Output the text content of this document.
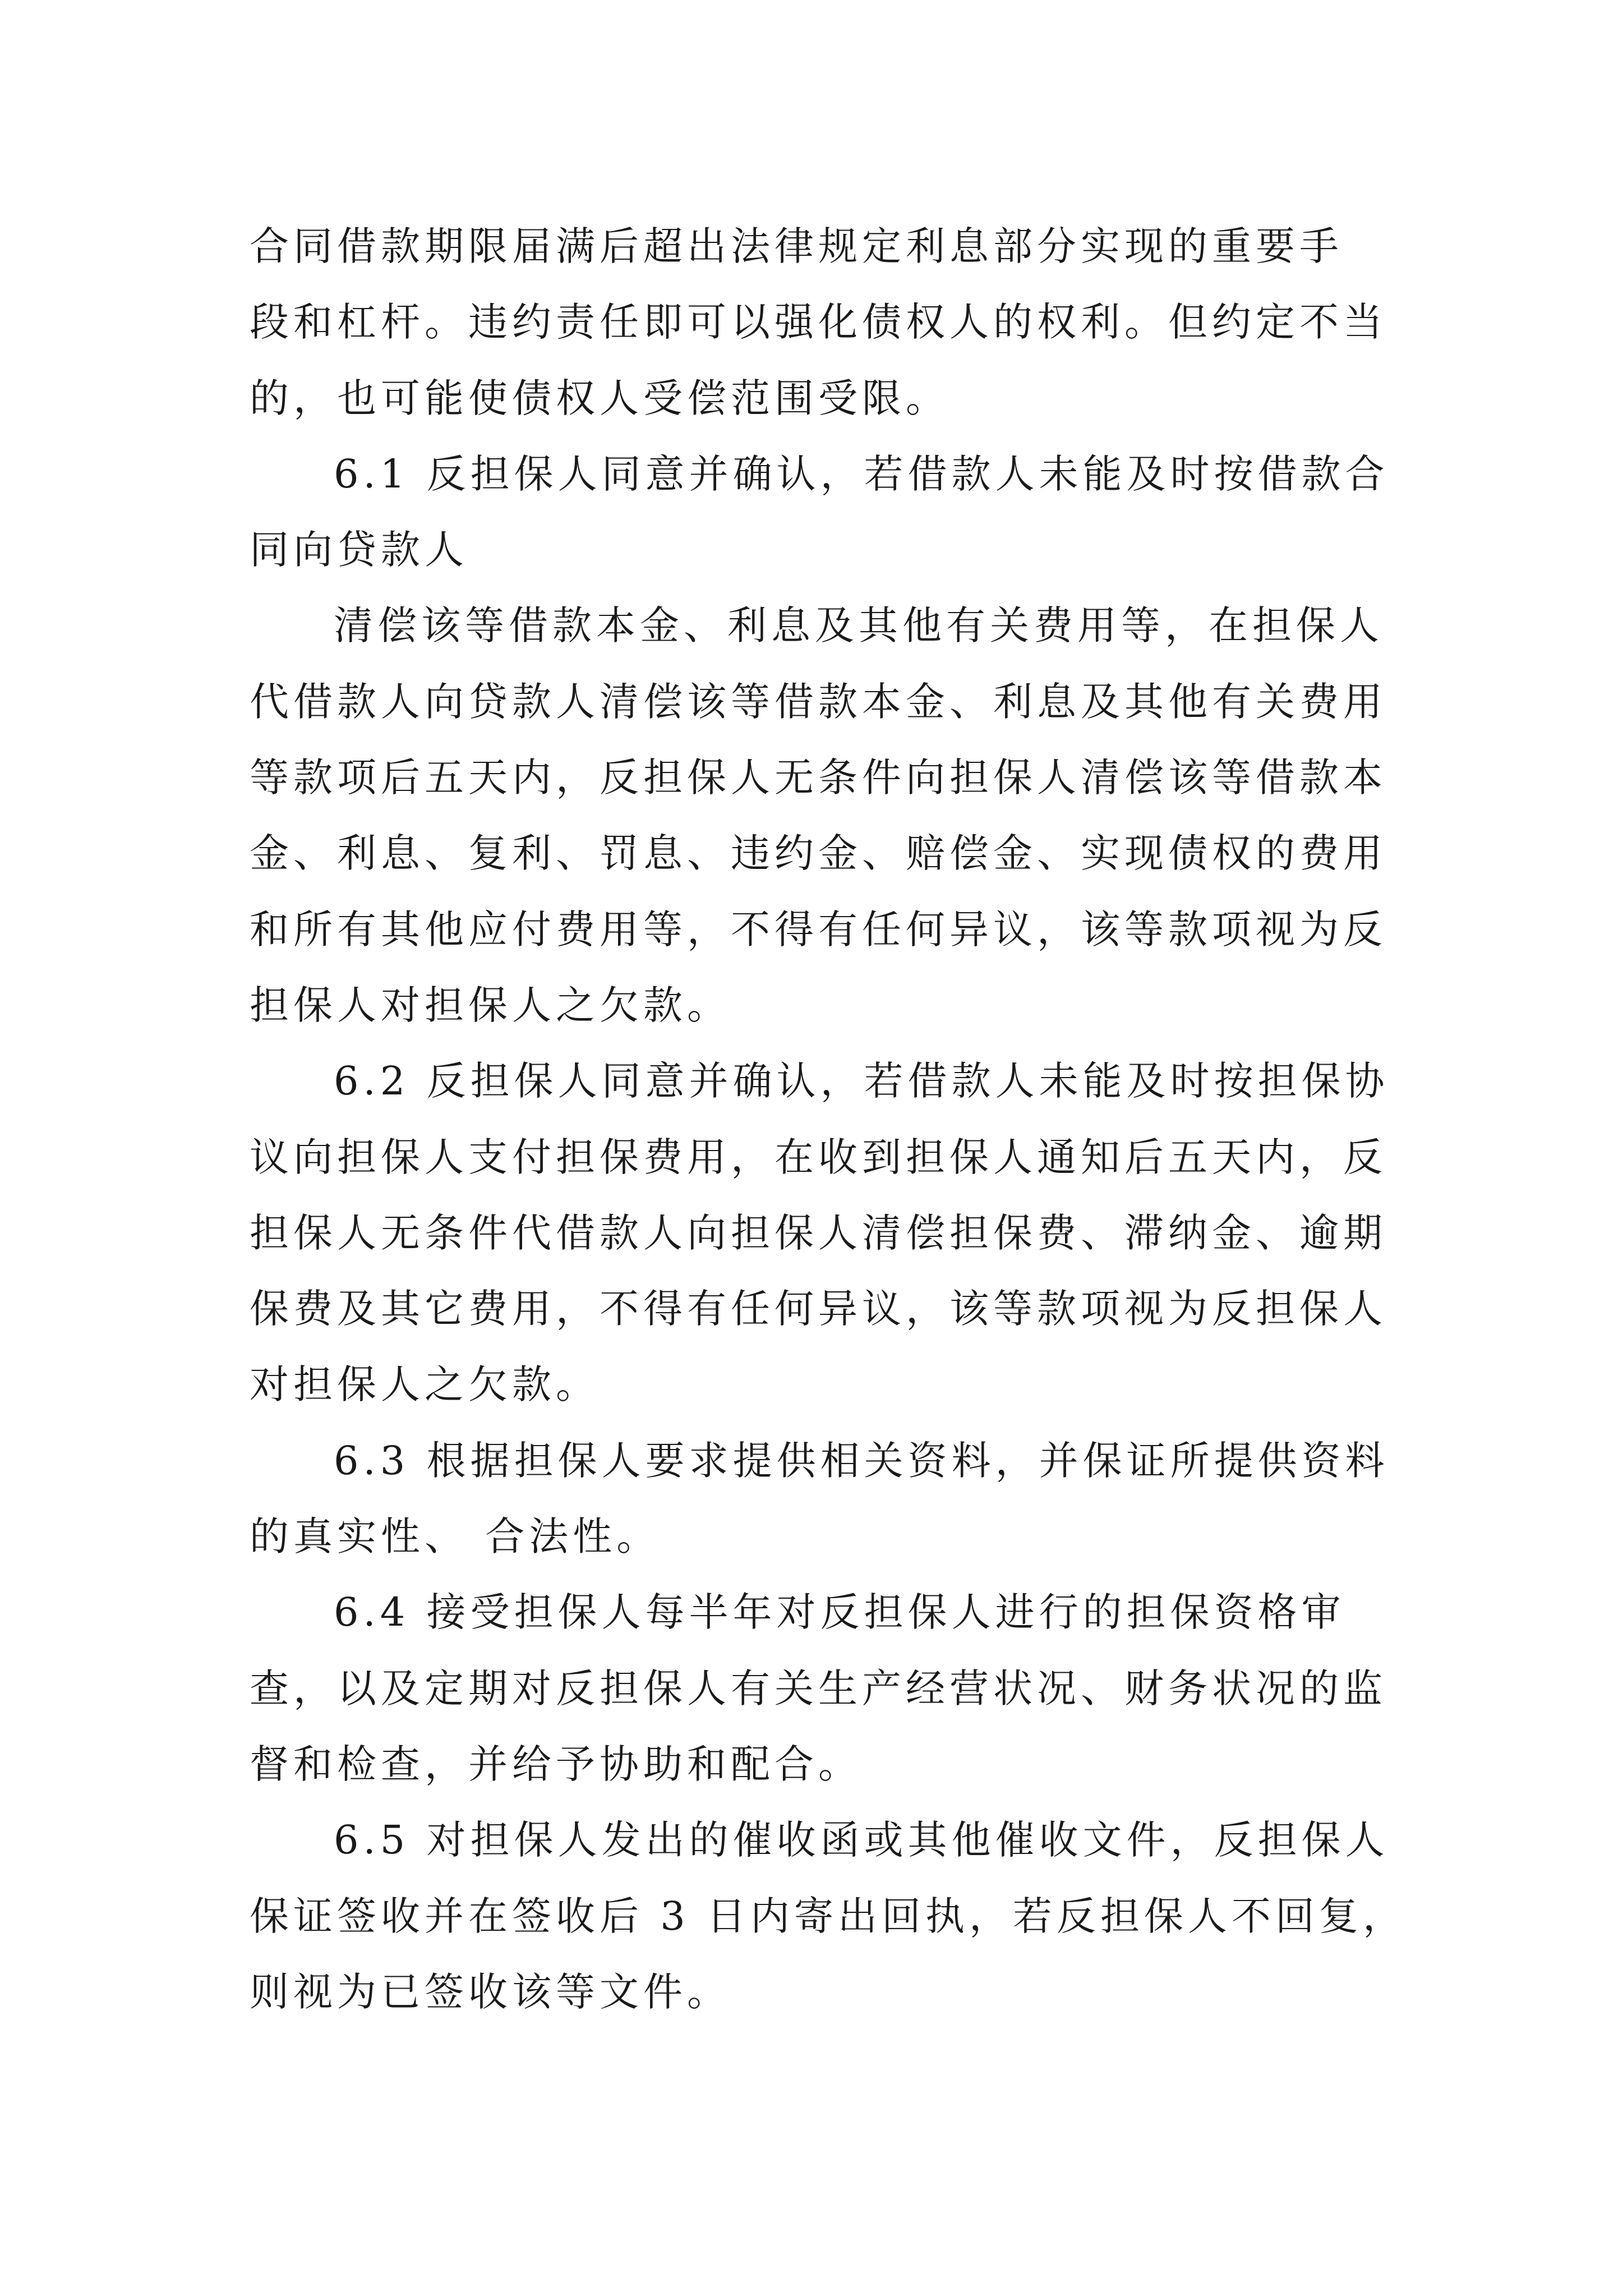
合同借款期限届满后超出法律规定利息部分实现的重要手
段和杠杆。违约责任即可以强化债权人的权利。但约定不当
的，也可能使债权人受偿范围受限。

6.1 反担保人同意并确认，若借款人未能及时按借款合
同向贷款人

清偿该等借款本金、利息及其他有关费用等，在担保人
代借款人向贷款人清偿该等借款本金、利息及其他有关费用
等款项后五天内，反担保人无条件向担保人清偿该等借款本
金、利息、复利、罚息、违约金、赔偿金、实现债权的费用
和所有其他应付费用等，不得有任何异议，该等款项视为反
担保人对担保人之欠款。

6.2 反担保人同意并确认，若借款人未能及时按担保协
议向担保人支付担保费用，在收到担保人通知后五天内，反
担保人无条件代借款人向担保人清偿担保费、滞纳金、逾期
保费及其它费用，不得有任何异议，该等款项视为反担保人
对担保人之欠款。

6.3 根据担保人要求提供相关资料，并保证所提供资料
的真实性、 合法性。

6.4 接受担保人每半年对反担保人进行的担保资格审
查，以及定期对反担保人有关生产经营状况、财务状况的监
督和检查，并给予协助和配合。

6.5 对担保人发出的催收函或其他催收文件，反担保人
保证签收并在签收后 3 日内寄出回执，若反担保人不回复，
则视为已签收该等文件。
